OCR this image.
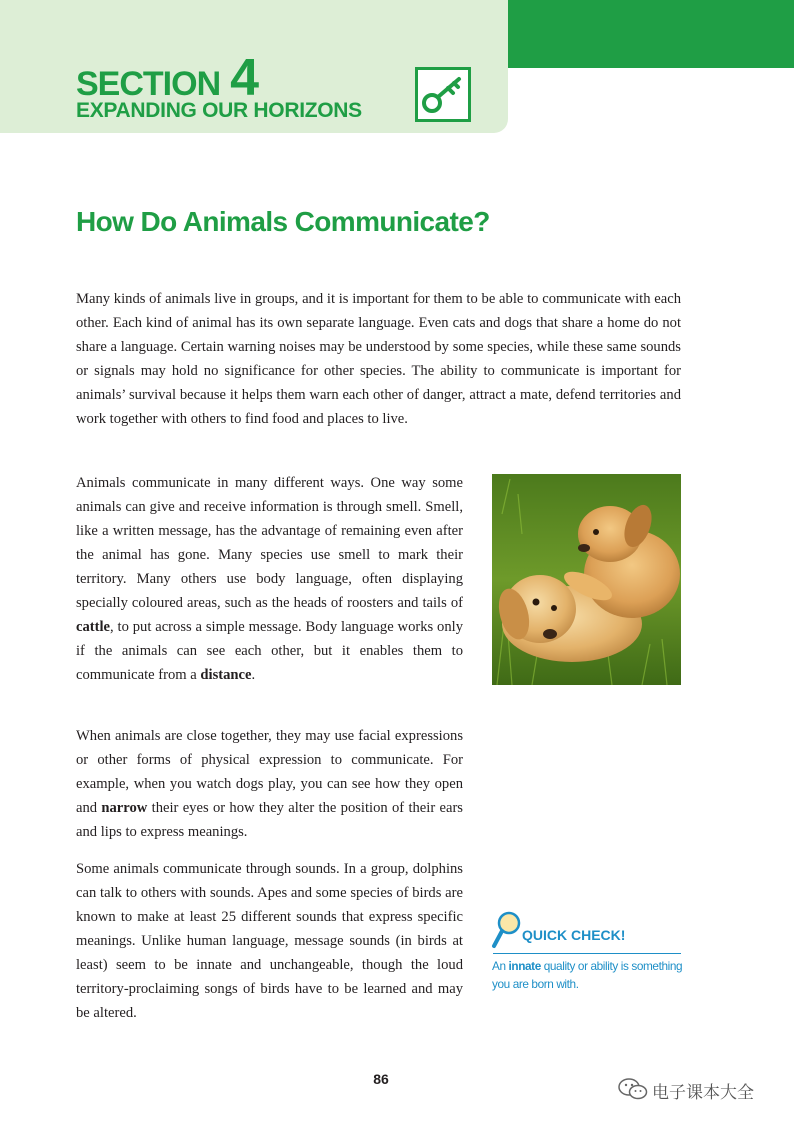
SECTION 4
EXPANDING OUR HORIZONS
How Do Animals Communicate?

Many kinds of animals live in groups, and it is important for them to be able to communicate with each other. Each kind of animal has its own separate language. Even cats and dogs that share a home do not share a language. Certain warning noises may be understood by some species, while these same sounds or signals may hold no significance for other species. The ability to communicate is important for animals’ survival because it helps them warn each other of danger, attract a mate, defend territories and work together with others to find food and places to live.

Animals communicate in many different ways. One way some animals can give and receive information is through smell. Smell, like a written message, has the advantage of remaining even after the animal has gone. Many species use smell to mark their territory. Many others use body language, often displaying specially coloured areas, such as the heads of roosters and tails of cattle, to put across a simple message. Body language works only if the animals can see each other, but it enables them to communicate from a distance.

When animals are close together, they may use facial expressions or other forms of physical expression to communicate. For example, when you watch dogs play, you can see how they open and narrow their eyes or how they alter the position of their ears and lips to express meanings.

Some animals communicate through sounds. In a group, dolphins can talk to others with sounds. Apes and some species of birds are known to make at least 25 different sounds that express specific meanings. Unlike human language, message sounds (in birds at least) seem to be innate and unchangeable, though the loud territory-proclaiming songs of birds have to be learned and may be altered.

QUICK CHECK!

An innate quality or ability is something you are born with.

86
电子课本大全
